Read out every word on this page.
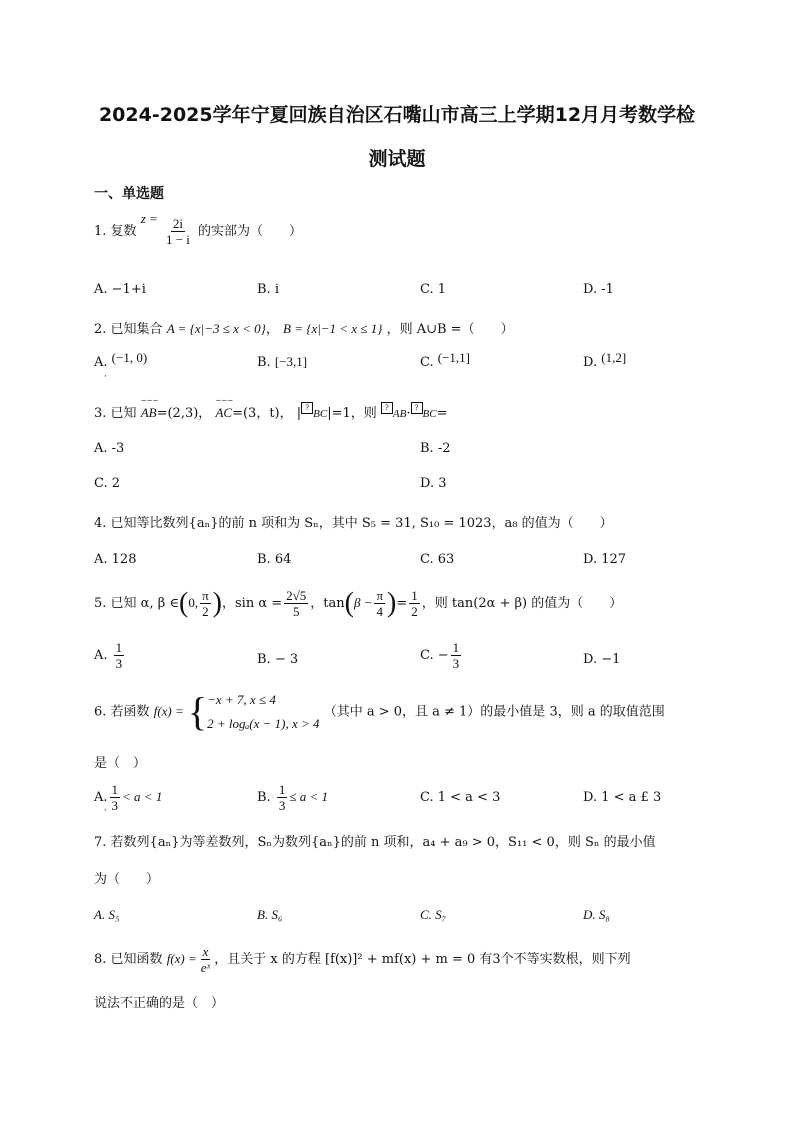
2024-2025学年宁夏回族自治区石嘴山市高三上学期12月月考数学检
测试题
一、单选题
1. 复数 $z = \frac{2i}{1 - i}$ 的实部为（　　）
A. −1+i	B. i	C. 1	D. -1
2. 已知集合 A = {x|−3 ≤ x < 0}， B = {x|−1 < x ≤ 1} ，则 A∪B =（　　）
A. (−1, 0)
·
B. [−3,1]	C. (−1,1]	D. (1,2]
3. 已知
⌣⌣⌣
AB=(2,3)，
⌣⌣⌣
AC=(3，t)， | ? BC|=1，则 ? AB· ? BC=
A. -3	B. -2
C. 2	D. 3
4. 已知等比数列{aₙ}的前 n 项和为 Sₙ，其中 S₅ = 31, S₁₀ = 1023，a₈ 的值为（　　）
A. 128	B. 64	C. 63	D. 127
5. 已知 α, β ∈(0, $\frac{\pi}{2}$ )，$\sin \alpha = \frac{2√5}{5}$ ，$\tan(\beta - \frac{\pi}{4}$ )= $\frac{1}{2}$ ，则 tan(2α + β) 的值为（　　）
A. $\frac{1}{3}$	B. − 3	C. − $\frac{1}{3}$	D. −1
6. 若函数 f(x) = { −x + 7, x ≤ 4
2 + logₐ(x − 1), x > 4
（其中 a > 0，且 a ≠ 1）的最小值是 3，则 a 的取值范围
是（　）
A. $\frac{1}{3} < a < 1$
·
B. $\frac{1}{3} \le a < 1$	C. 1 < a < 3	D. 1 < a £ 3
7. 若数列{aₙ}为等差数列，Sₙ为数列{aₙ}的前 n 项和，a₄ + a₉ > 0，S₁₁ < 0，则 Sₙ 的最小值
为（　　）
A. S₅	B. S₆	C. S₇	D. S₈
8. 已知函数 $f(x) = \frac{x}{\text{eˣ}}$ ，且关于 x 的方程 [f(x)]² + mf(x) + m = 0 有3个不等实数根，则下列
说法不正确的是（　）
